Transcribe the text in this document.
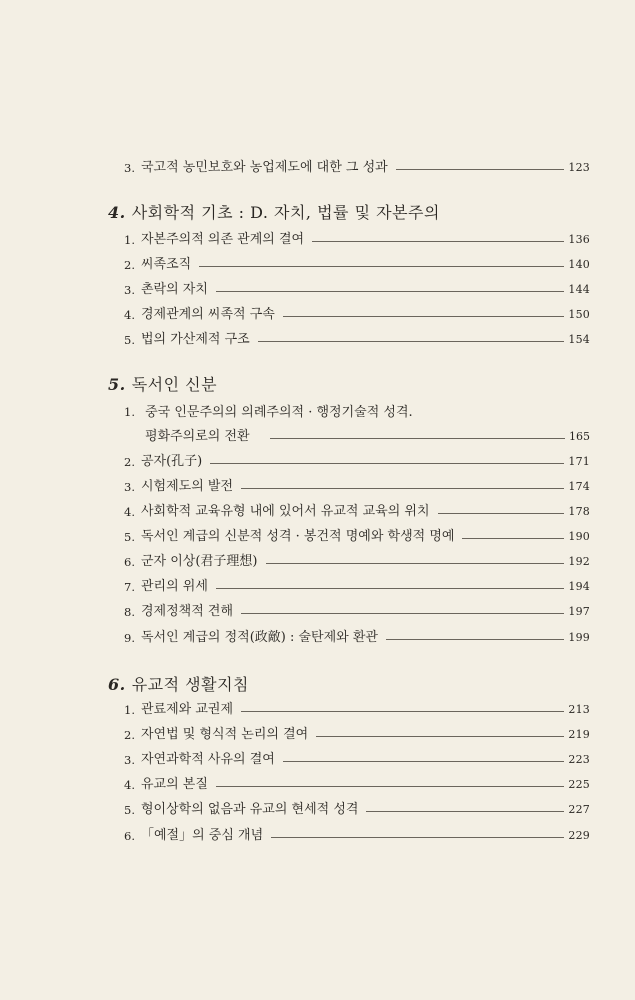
3. 국고적 농민보호와 농업제도에 대한 그 성과	123
4. 사회학적 기초 : D. 자치, 법률 및 자본주의
1. 자본주의적 의존 관계의 결여	136
2. 씨족조직	140
3. 촌락의 자치	144
4. 경제관계의 씨족적 구속	150
5. 법의 가산제적 구조	154
5. 독서인 신분
1. 중국 인문주의의 의례주의적 · 행정기술적 성격.
평화주의로의 전환	165
2. 공자(孔子)	171
3. 시험제도의 발전	174
4. 사회학적 교육유형 내에 있어서 유교적 교육의 위치	178
5. 독서인 계급의 신분적 성격 · 봉건적 명예와 학생적 명예	190
6. 군자 이상(君子理想)	192
7. 관리의 위세	194
8. 경제정책적 견해	197
9. 독서인 계급의 정적(政敵) : 술탄제와 환관	199
6. 유교적 생활지침
1. 관료제와 교권제	213
2. 자연법 및 형식적 논리의 결여	219
3. 자연과학적 사유의 결여	223
4. 유교의 본질	225
5. 형이상학의 없음과 유교의 현세적 성격	227
6. 「예절」의 중심 개념	229
